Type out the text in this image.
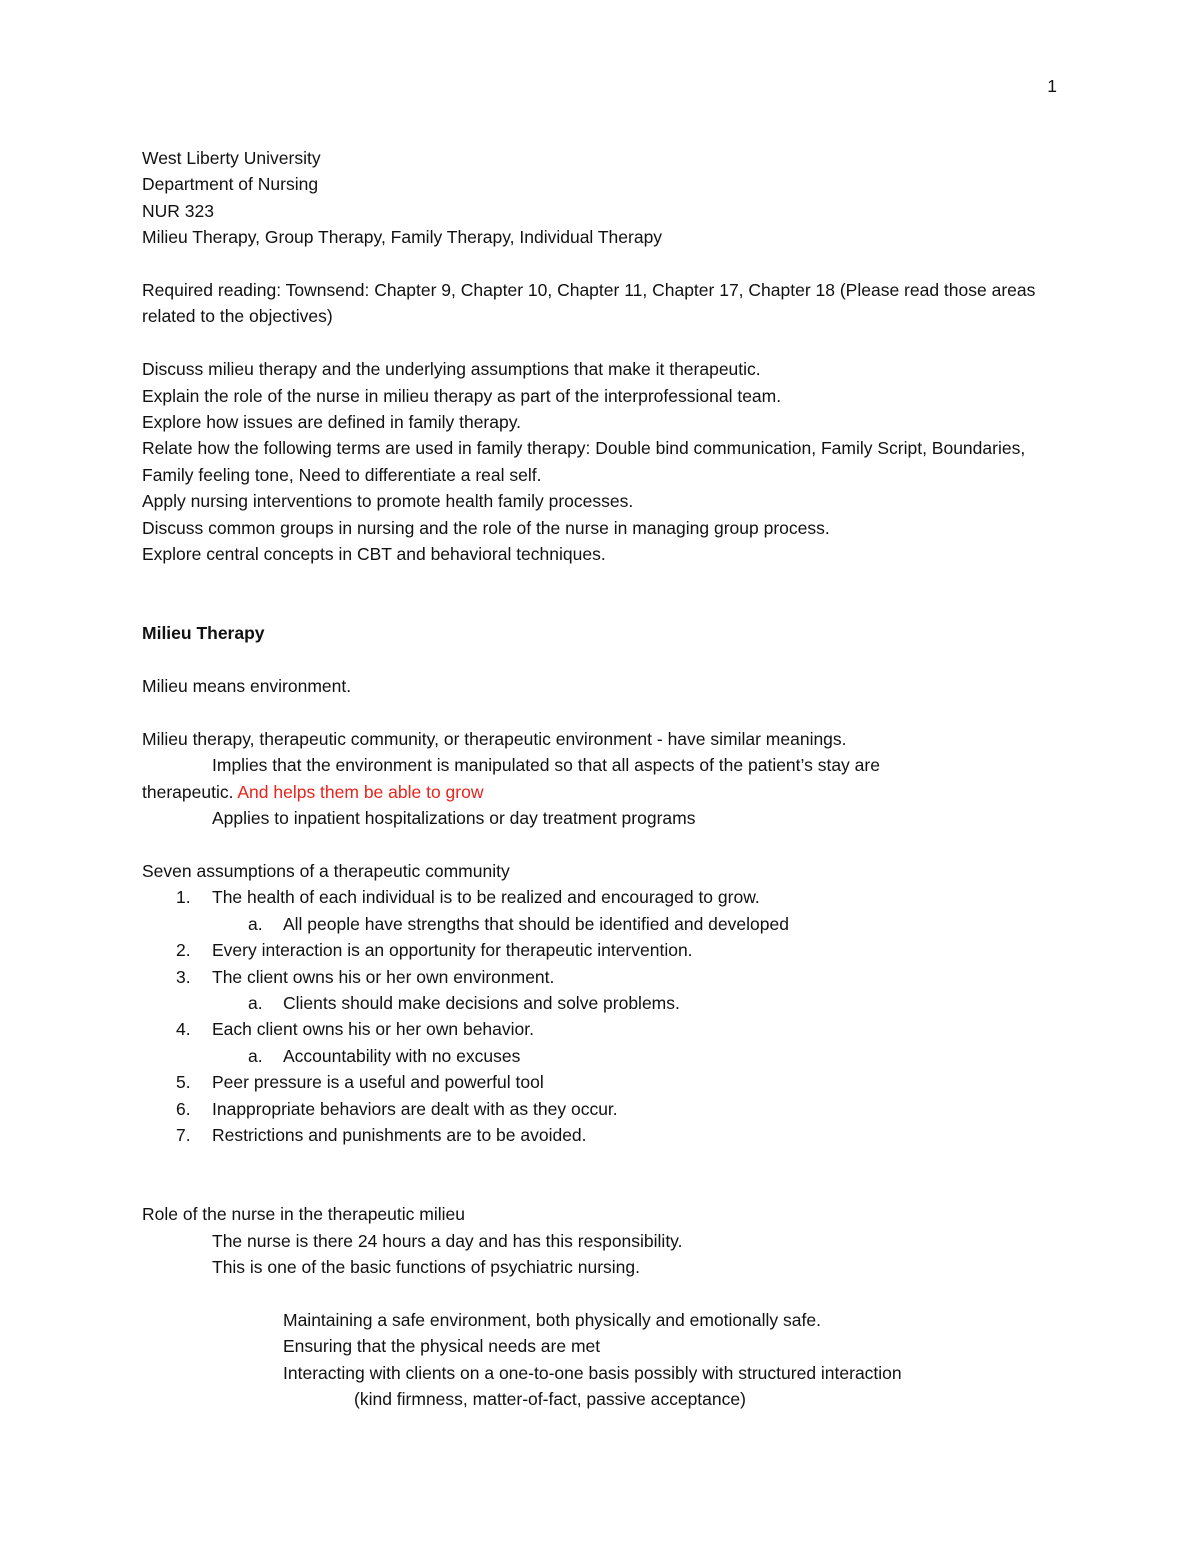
1
West Liberty University
Department of Nursing
NUR 323
Milieu Therapy, Group Therapy, Family Therapy, Individual Therapy
Required reading: Townsend: Chapter 9, Chapter 10, Chapter 11, Chapter 17, Chapter 18 (Please read those areas related to the objectives)
Discuss milieu therapy and the underlying assumptions that make it therapeutic.
Explain the role of the nurse in milieu therapy as part of the interprofessional team.
Explore how issues are defined in family therapy.
Relate how the following terms are used in family therapy: Double bind communication, Family Script, Boundaries, Family feeling tone, Need to differentiate a real self.
Apply nursing interventions to promote health family processes.
Discuss common groups in nursing and the role of the nurse in managing group process.
Explore central concepts in CBT and behavioral techniques.
Milieu Therapy
Milieu means environment.
Milieu therapy, therapeutic community, or therapeutic environment - have similar meanings.
Implies that the environment is manipulated so that all aspects of the patient’s stay are
therapeutic. And helps them be able to grow
Applies to inpatient hospitalizations or day treatment programs
Seven assumptions of a therapeutic community
1.	The health of each individual is to be realized and encouraged to grow.
a. All people have strengths that should be identified and developed
2.	Every interaction is an opportunity for therapeutic intervention.
3.	The client owns his or her own environment.
a. Clients should make decisions and solve problems.
4.	Each client owns his or her own behavior.
a. Accountability with no excuses
5.	Peer pressure is a useful and powerful tool
6.	Inappropriate behaviors are dealt with as they occur.
7.	Restrictions and punishments are to be avoided.
Role of the nurse in the therapeutic milieu
The nurse is there 24 hours a day and has this responsibility.
This is one of the basic functions of psychiatric nursing.
Maintaining a safe environment, both physically and emotionally safe.
Ensuring that the physical needs are met
Interacting with clients on a one-to-one basis possibly with structured interaction
(kind firmness, matter-of-fact, passive acceptance)
